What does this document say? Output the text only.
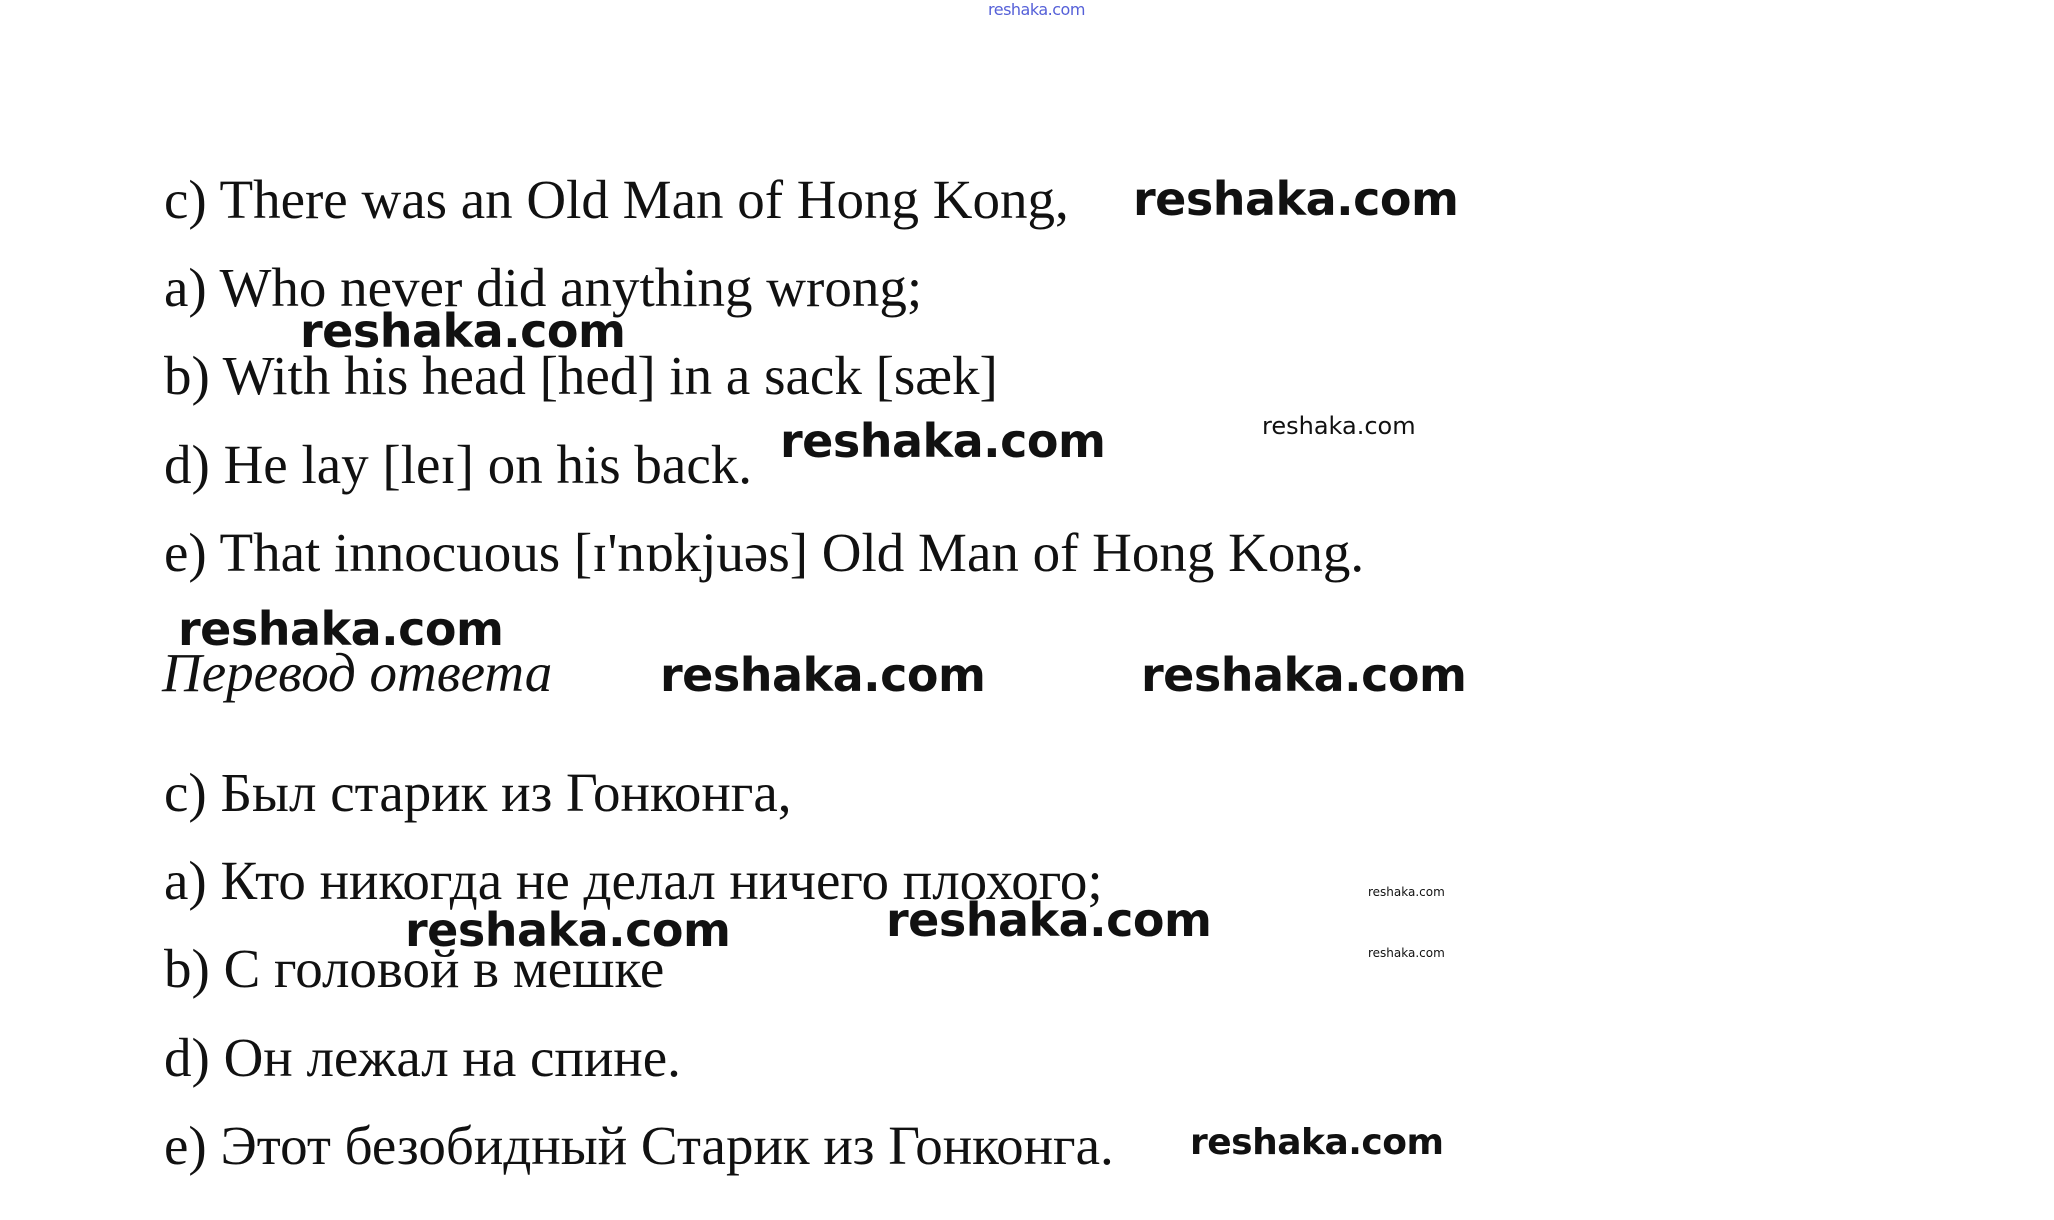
reshaka.com
c) There was an Old Man of Hong Kong,
a) Who never did anything wrong;
b) With his head [hed] in a sack [sæk]
d) He lay [leɪ] on his back.
e) That innocuous [ɪ'nɒkjuəs] Old Man of Hong Kong.
Перевод ответа
c) Был старик из Гонконга,
a) Кто никогда не делал ничего плохого;
b) С головой в мешке
d) Он лежал на спине.
e) Этот безобидный Старик из Гонконга.
reshaka.com
reshaka.com
reshaka.com	reshaka.com
reshaka.com
reshaka.com	reshaka.com
reshaka.com
reshaka.com
reshaka.com	reshaka.com
reshaka.com
